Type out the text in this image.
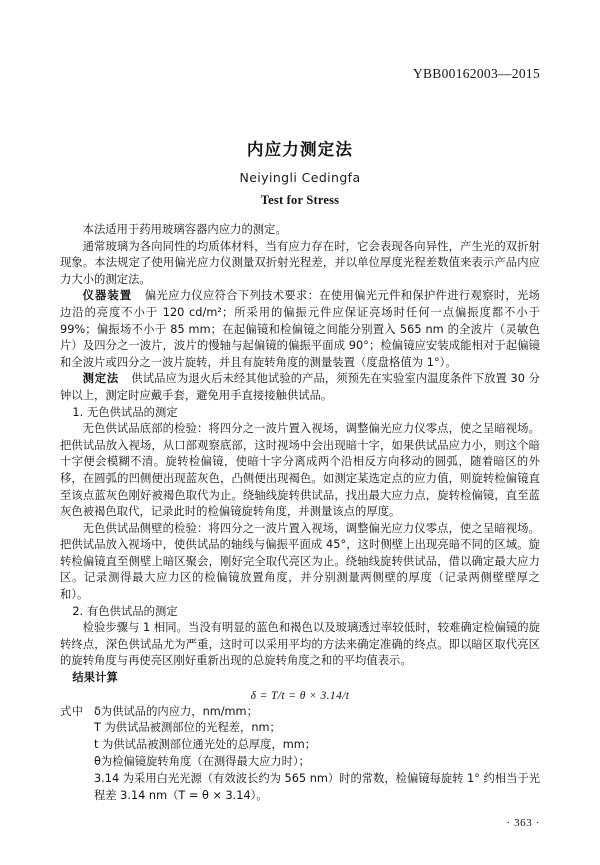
YBB00162003—2015
内应力测定法
Neiyingli Cedingfa
Test for Stress

本法适用于药用玻璃容器内应力的测定。

通常玻璃为各向同性的均质体材料，当有应力存在时，它会表现各向异性，产生光的双折射现象。本法规定了使用偏光应力仪测量双折射光程差，并以单位厚度光程差数值来表示产品内应力大小的测定法。

仪器装置 偏光应力仪应符合下列技术要求：在使用偏光元件和保护件进行观察时，光场边沿的亮度不小于 120 cd/m²；所采用的偏振元件应保证亮场时任何一点偏振度都不小于 99%；偏振场不小于 85 mm；在起偏镜和检偏镜之间能分别置入 565 nm 的全波片（灵敏色片）及四分之一波片，波片的慢轴与起偏镜的偏振平面成 90°；检偏镜应安装成能相对于起偏镜和全波片或四分之一波片旋转，并且有旋转角度的测量装置（度盘格值为 1°）。

测定法 供试品应为退火后未经其他试验的产品，须预先在实验室内温度条件下放置 30 分钟以上，测定时应戴手套，避免用手直接接触供试品。

1. 无色供试品的测定

无色供试品底部的检验：将四分之一波片置入视场，调整偏光应力仪零点，使之呈暗视场。把供试品放入视场，从口部观察底部，这时视场中会出现暗十字，如果供试品应力小，则这个暗十字便会模糊不清。旋转检偏镜，使暗十字分离成两个沿相反方向移动的圆弧，随着暗区的外移，在圆弧的凹侧便出现蓝灰色，凸侧便出现褐色。如测定某选定点的应力值，则旋转检偏镜直至该点蓝灰色刚好被褐色取代为止。绕轴线旋转供试品，找出最大应力点，旋转检偏镜，直至蓝灰色被褐色取代，记录此时的检偏镜旋转角度，并测量该点的厚度。

无色供试品侧壁的检验：将四分之一波片置入视场，调整偏光应力仪零点，使之呈暗视场。把供试品放入视场中，使供试品的轴线与偏振平面成 45°，这时侧壁上出现亮暗不同的区域。旋转检偏镜直至侧壁上暗区聚会，刚好完全取代亮区为止。绕轴线旋转供试品，借以确定最大应力区。记录测得最大应力区的检偏镜放置角度，并分别测量两侧壁的厚度（记录两侧壁壁厚之和）。

2. 有色供试品的测定

检验步骤与 1 相同。当没有明显的蓝色和褐色以及玻璃透过率较低时，较难确定检偏镜的旋转终点，深色供试品尤为严重，这时可以采用平均的方法来确定准确的终点。即以暗区取代亮区的旋转角度与再使亮区刚好重新出现的总旋转角度之和的平均值表示。

结果计算

δ = T/t = θ × 3.14/t
式中 δ为供试品的内应力，nm/mm；
T 为供试品被测部位的光程差，nm；
t 为供试品被测部位通光处的总厚度，mm；
θ为检偏镜旋转角度（在测得最大应力时）；
3.14 为采用白光光源（有效波长约为 565 nm）时的常数，检偏镜每旋转 1° 约相当于光程差 3.14 nm（T = θ × 3.14）。
· 363 ·
